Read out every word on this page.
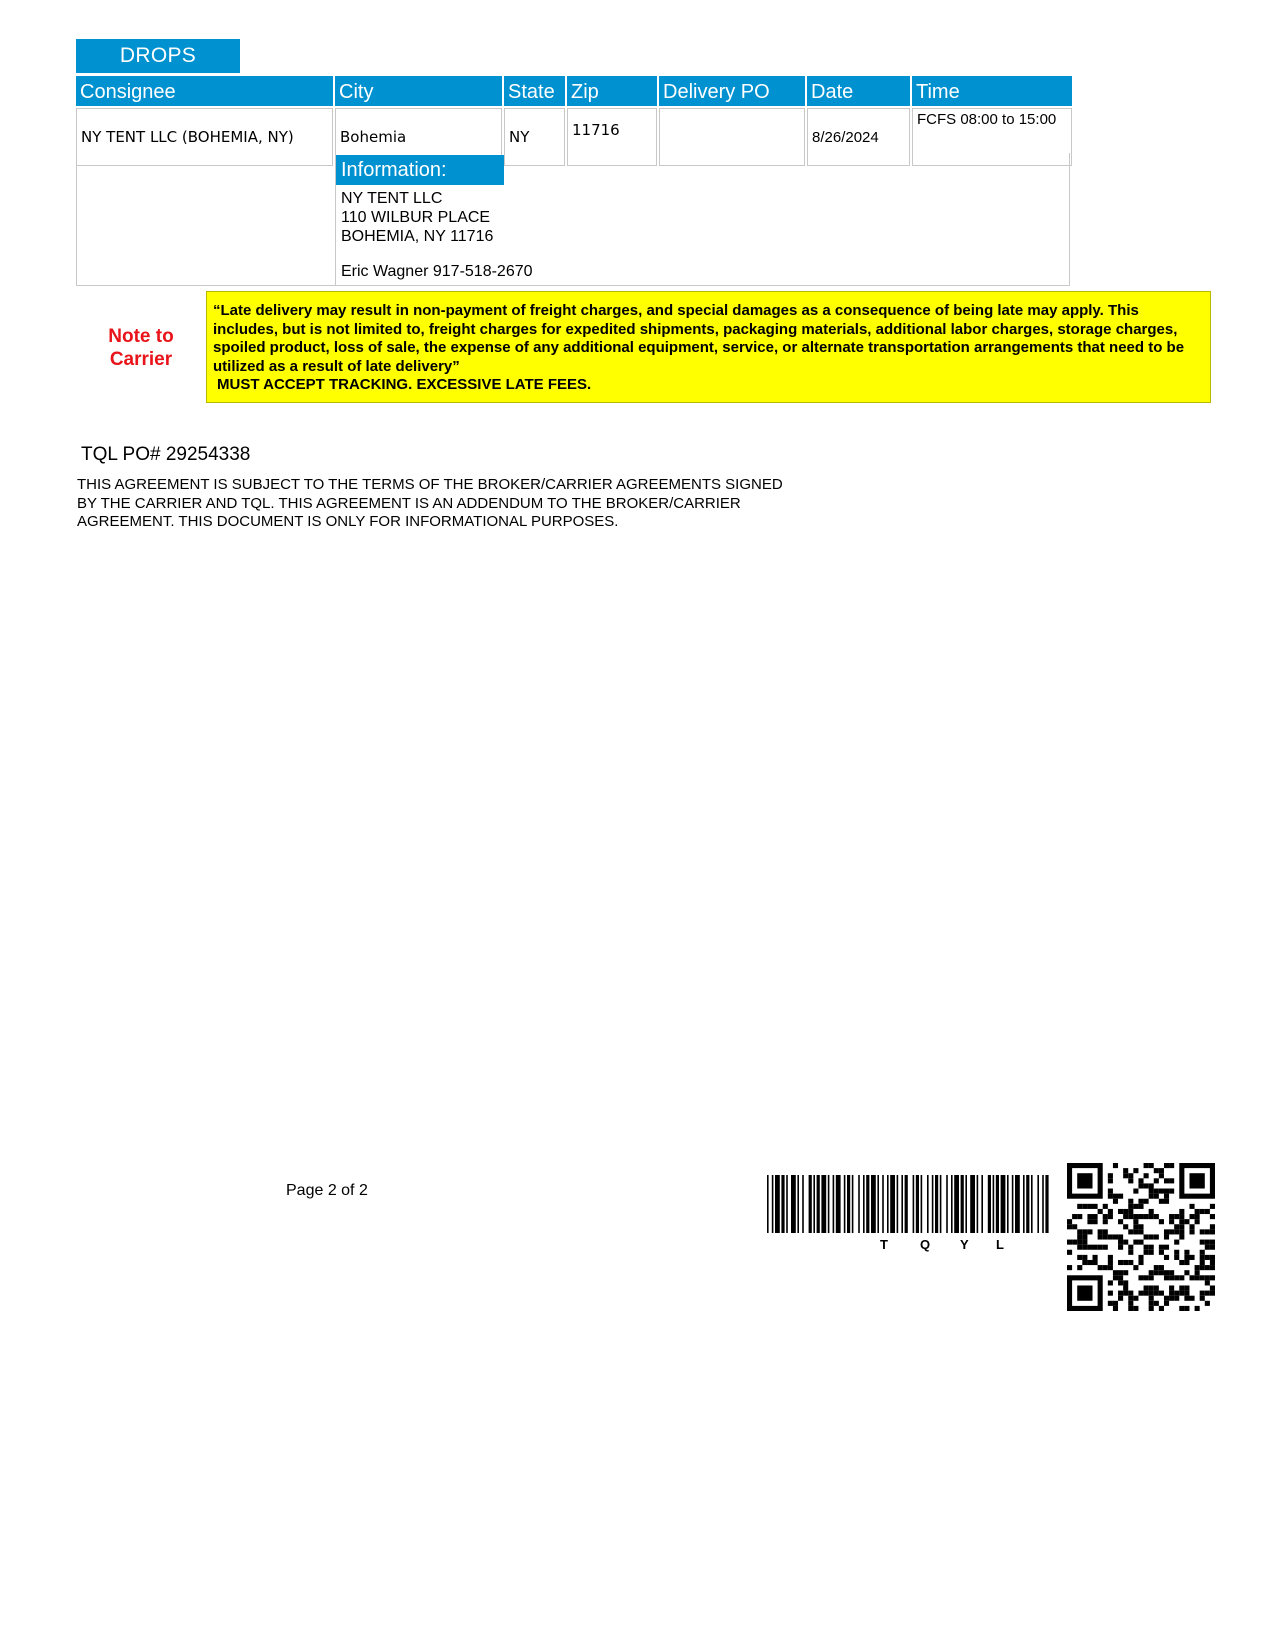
DROPS
Consignee	City	State	Zip	Delivery PO	Date	Time
NY TENT LLC (BOHEMIA, NY)	Bohemia	NY	11716		8/26/2024	FCFS 08:00 to 15:00
Information:
NY TENT LLC
110 WILBUR PLACE
BOHEMIA, NY 11716
Eric Wagner 917-518-2670
Note to Carrier
“Late delivery may result in non-payment of freight charges, and special damages as a consequence of being late may apply. This includes, but is not limited to, freight charges for expedited shipments, packaging materials, additional labor charges, storage charges, spoiled product, loss of sale, the expense of any additional equipment, service, or alternate transportation arrangements that need to be utilized as a result of late delivery”
MUST ACCEPT TRACKING. EXCESSIVE LATE FEES.
TQL PO# 29254338
THIS AGREEMENT IS SUBJECT TO THE TERMS OF THE BROKER/CARRIER AGREEMENTS SIGNED BY THE CARRIER AND TQL. THIS AGREEMENT IS AN ADDENDUM TO THE BROKER/CARRIER AGREEMENT. THIS DOCUMENT IS ONLY FOR INFORMATIONAL PURPOSES.
Page 2 of 2
T Q Y L
